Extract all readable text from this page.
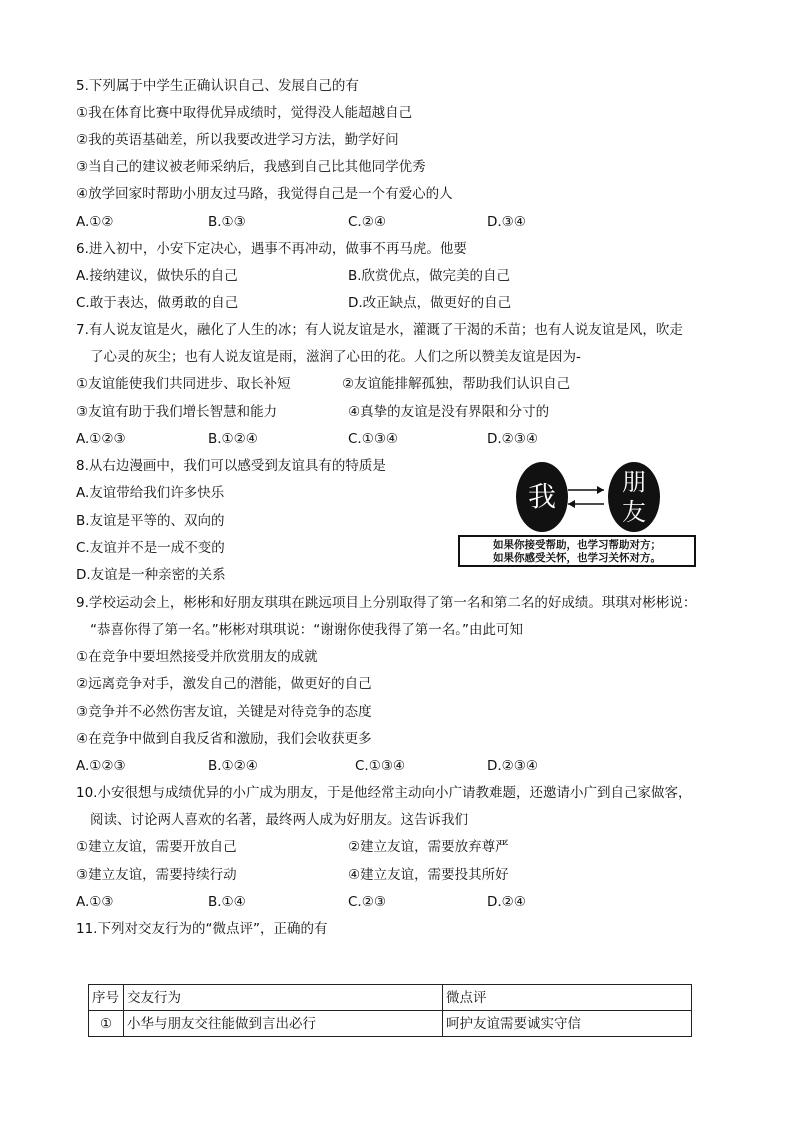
5.下列属于中学生正确认识自己、发展自己的有
①我在体育比赛中取得优异成绩时，觉得没人能超越自己
②我的英语基础差，所以我要改进学习方法，勤学好问
③当自己的建议被老师采纳后，我感到自己比其他同学优秀
④放学回家时帮助小朋友过马路，我觉得自己是一个有爱心的人
A.①②	B.①③	C.②④	D.③④
6.进入初中，小安下定决心，遇事不再冲动，做事不再马虎。他要
A.接纳建议，做快乐的自己	B.欣赏优点，做完美的自己
C.敢于表达，做勇敢的自己	D.改正缺点，做更好的自己
7.有人说友谊是火，融化了人生的冰；有人说友谊是水，灌溉了干渴的禾苗；也有人说友谊是风，吹走
了心灵的灰尘；也有人说友谊是雨，滋润了心田的花。人们之所以赞美友谊是因为-
①友谊能使我们共同进步、取长补短	②友谊能排解孤独，帮助我们认识自己
③友谊有助于我们增长智慧和能力	④真挚的友谊是没有界限和分寸的
A.①②③	B.①②④	C.①③④	D.②③④
8.从右边漫画中，我们可以感受到友谊具有的特质是
A.友谊带给我们许多快乐
B.友谊是平等的、双向的
C.友谊并不是一成不变的
D.友谊是一种亲密的关系
我	朋
友
如果你接受帮助，也学习帮助对方；
如果你感受关怀，也学习关怀对方。
9.学校运动会上，彬彬和好朋友琪琪在跳远项目上分别取得了第一名和第二名的好成绩。琪琪对彬彬说：
“恭喜你得了第一名。”彬彬对琪琪说：“谢谢你使我得了第一名。”由此可知
①在竞争中要坦然接受并欣赏朋友的成就
②远离竞争对手，激发自己的潜能，做更好的自己
③竞争并不必然伤害友谊，关键是对待竞争的态度
④在竞争中做到自我反省和激励，我们会收获更多
A.①②③	B.①②④	C.①③④	D.②③④
10.小安很想与成绩优异的小广成为朋友，于是他经常主动向小广请教难题，还邀请小广到自己家做客，
阅读、讨论两人喜欢的名著，最终两人成为好朋友。这告诉我们
①建立友谊，需要开放自己	②建立友谊，需要放弃尊严
③建立友谊，需要持续行动	④建立友谊，需要投其所好
A.①③	B.①④	C.②③	D.②④
11.下列对交友行为的“微点评”，正确的有
序号	交友行为	微点评
①	小华与朋友交往能做到言出必行	呵护友谊需要诚实守信
